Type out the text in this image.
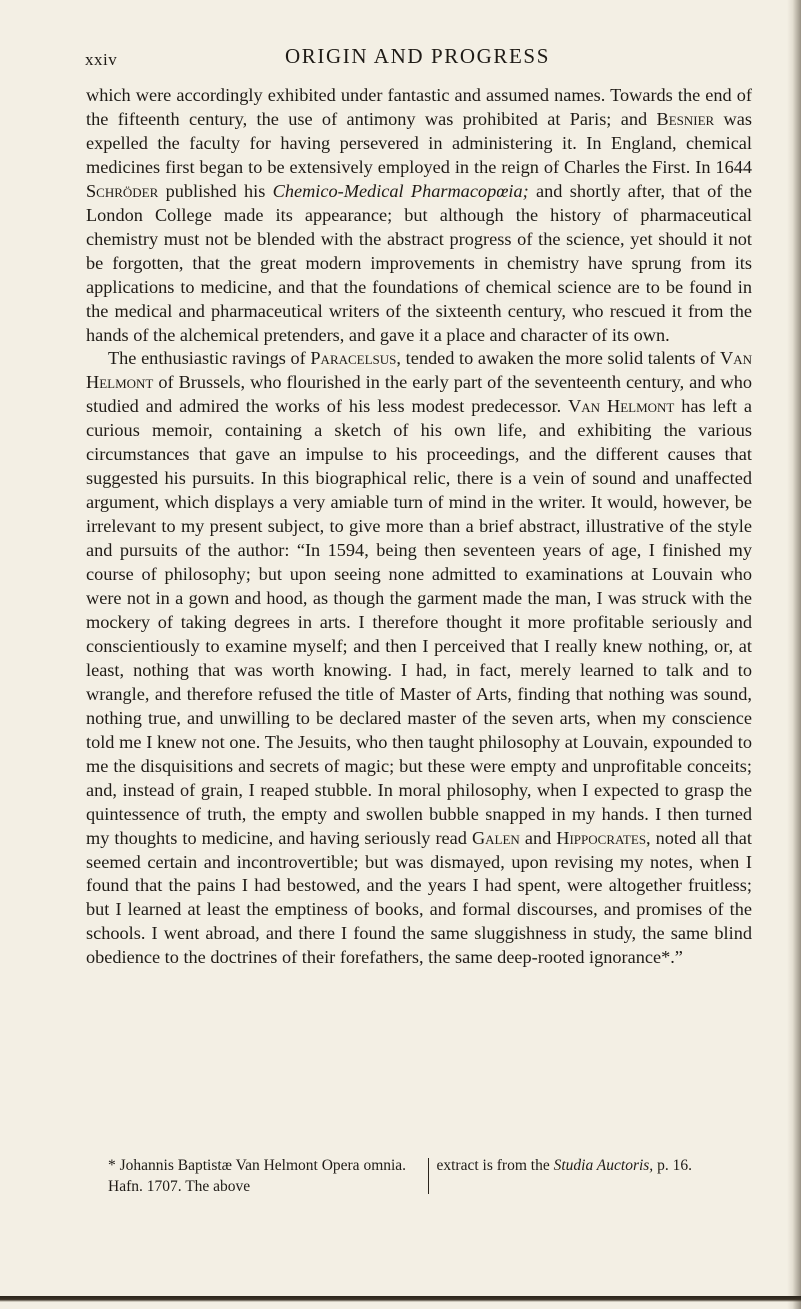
xxiv	ORIGIN AND PROGRESS

which were accordingly exhibited under fantastic and assumed names. Towards the end of the fifteenth century, the use of antimony was prohibited at Paris; and Besnier was expelled the faculty for having persevered in administering it. In England, chemical medicines first began to be extensively employed in the reign of Charles the First. In 1644 Schröder published his Chemico-Medical Pharmacopœia; and shortly after, that of the London College made its appearance; but although the history of pharmaceutical chemistry must not be blended with the abstract progress of the science, yet should it not be forgotten, that the great modern improvements in chemistry have sprung from its applications to medicine, and that the foundations of chemical science are to be found in the medical and pharmaceutical writers of the sixteenth century, who rescued it from the hands of the alchemical pretenders, and gave it a place and character of its own.

The enthusiastic ravings of Paracelsus, tended to awaken the more solid talents of Van Helmont of Brussels, who flourished in the early part of the seventeenth century, and who studied and admired the works of his less modest predecessor. Van Helmont has left a curious memoir, containing a sketch of his own life, and exhibiting the various circumstances that gave an impulse to his proceedings, and the different causes that suggested his pursuits. In this biographical relic, there is a vein of sound and unaffected argument, which displays a very amiable turn of mind in the writer. It would, however, be irrelevant to my present subject, to give more than a brief abstract, illustrative of the style and pursuits of the author: “In 1594, being then seventeen years of age, I finished my course of philosophy; but upon seeing none admitted to examinations at Louvain who were not in a gown and hood, as though the garment made the man, I was struck with the mockery of taking degrees in arts. I therefore thought it more profitable seriously and conscientiously to examine myself; and then I perceived that I really knew nothing, or, at least, nothing that was worth knowing. I had, in fact, merely learned to talk and to wrangle, and therefore refused the title of Master of Arts, finding that nothing was sound, nothing true, and unwilling to be declared master of the seven arts, when my conscience told me I knew not one. The Jesuits, who then taught philosophy at Louvain, expounded to me the disquisitions and secrets of magic; but these were empty and unprofitable conceits; and, instead of grain, I reaped stubble. In moral philosophy, when I expected to grasp the quintessence of truth, the empty and swollen bubble snapped in my hands. I then turned my thoughts to medicine, and having seriously read Galen and Hippocrates, noted all that seemed certain and incontrovertible; but was dismayed, upon revising my notes, when I found that the pains I had bestowed, and the years I had spent, were altogether fruitless; but I learned at least the emptiness of books, and formal discourses, and promises of the schools. I went abroad, and there I found the same sluggishness in study, the same blind obedience to the doctrines of their forefathers, the same deep-rooted ignorance*.”

* Johannis Baptistæ Van Helmont Opera omnia. Hafn. 1707. The above
extract is from the Studia Auctoris, p. 16.
